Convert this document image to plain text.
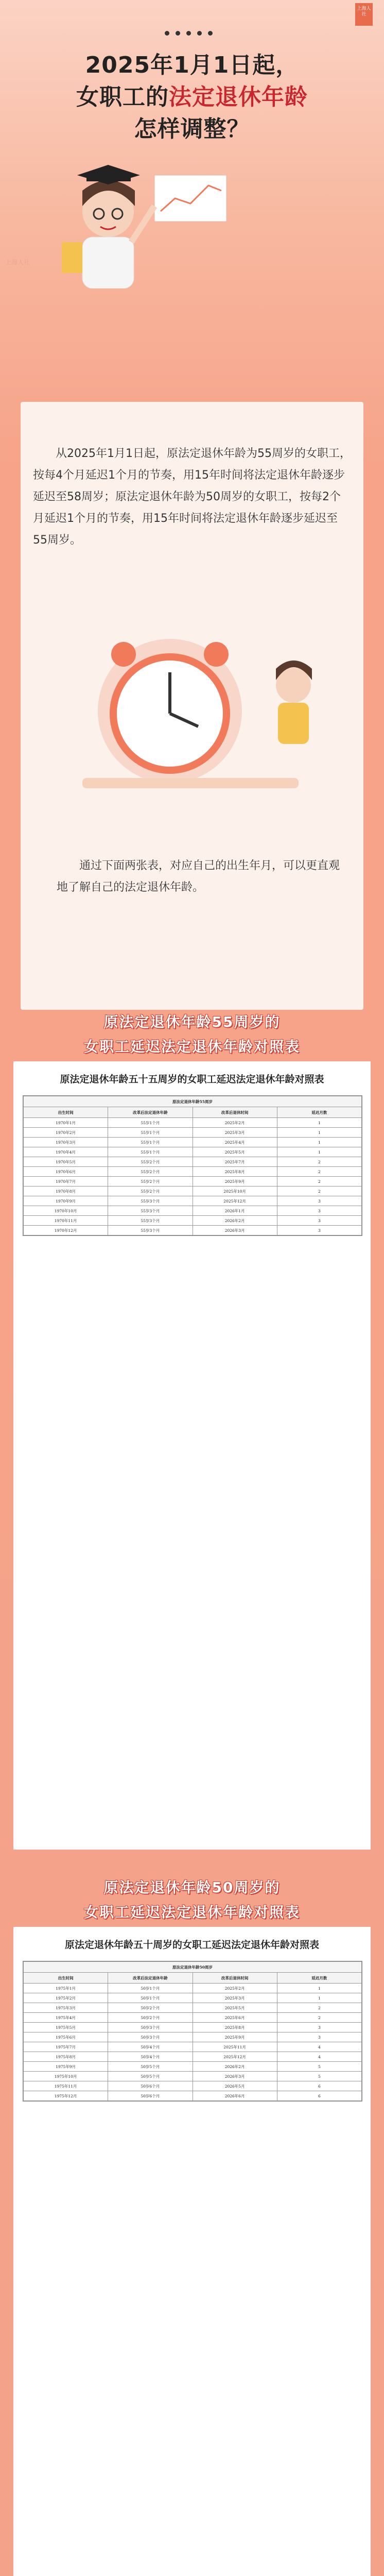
上海人社
2025年1月1日起，
女职工的法定退休年龄
怎样调整？
上海人社

从2025年1月1日起，原法定退休年龄为55周岁的女职工，按每4个月延迟1个月的节奏，用15年时间将法定退休年龄逐步延迟至58周岁；原法定退休年龄为50周岁的女职工，按每2个月延迟1个月的节奏，用15年时间将法定退休年龄逐步延迟至55周岁。

通过下面两张表，对应自己的出生年月，可以更直观地了解自己的法定退休年龄。

原法定退休年龄55周岁的
女职工延迟法定退休年龄对照表
原法定退休年龄五十五周岁的女职工延迟法定退休年龄对照表
原法定退休年龄55周岁			
出生时间	改革后法定退休年龄	改革后退休时间	延迟月数
1970年1月	55岁1个月	2025年2月	1
1970年2月	55岁1个月	2025年3月	1
1970年3月	55岁1个月	2025年4月	1
1970年4月	55岁1个月	2025年5月	1
1970年5月	55岁2个月	2025年7月	2
1970年6月	55岁2个月	2025年8月	2
1970年7月	55岁2个月	2025年9月	2
1970年8月	55岁2个月	2025年10月	2
1970年9月	55岁3个月	2025年12月	3
1970年10月	55岁3个月	2026年1月	3
1970年11月	55岁3个月	2026年2月	3
1970年12月	55岁3个月	2026年3月	3
原法定退休年龄50周岁的
女职工延迟法定退休年龄对照表
原法定退休年龄五十周岁的女职工延迟法定退休年龄对照表
原法定退休年龄50周岁			
出生时间	改革后法定退休年龄	改革后退休时间	延迟月数
1975年1月	50岁1个月	2025年2月	1
1975年2月	50岁1个月	2025年3月	1
1975年3月	50岁2个月	2025年5月	2
1975年4月	50岁2个月	2025年6月	2
1975年5月	50岁3个月	2025年8月	3
1975年6月	50岁3个月	2025年9月	3
1975年7月	50岁4个月	2025年11月	4
1975年8月	50岁4个月	2025年12月	4
1975年9月	50岁5个月	2026年2月	5
1975年10月	50岁5个月	2026年3月	5
1975年11月	50岁6个月	2026年5月	6
1975年12月	50岁6个月	2026年6月	6
